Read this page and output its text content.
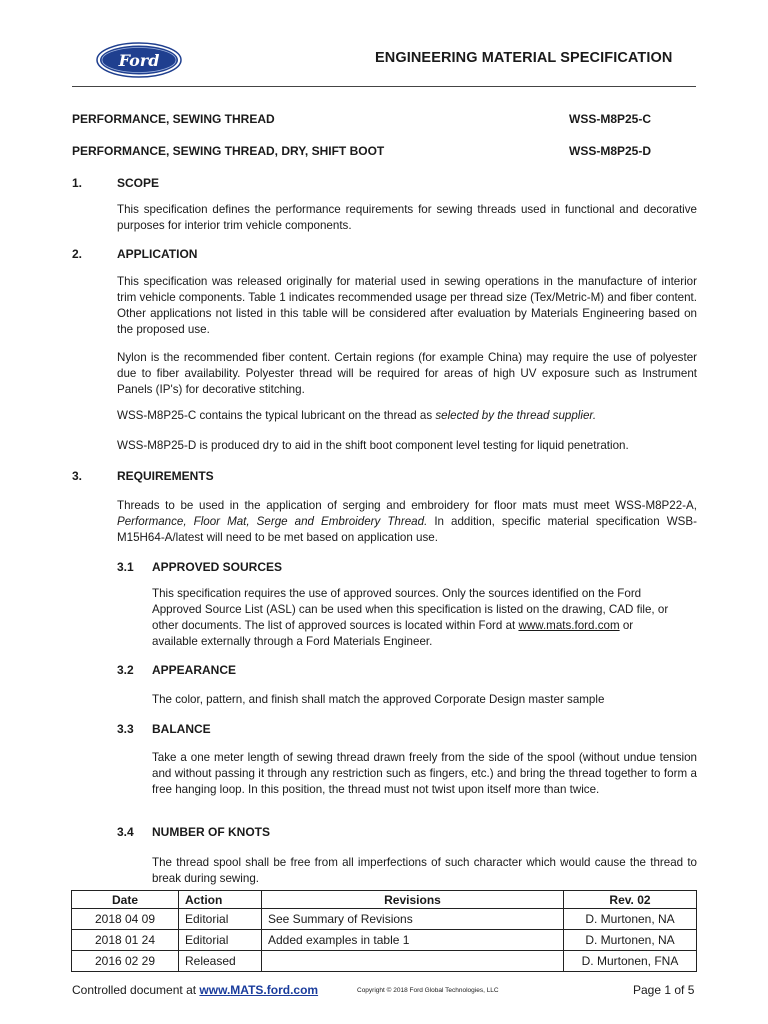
Ford	ENGINEERING MATERIAL SPECIFICATION
PERFORMANCE, SEWING THREAD	WSS-M8P25-C
PERFORMANCE, SEWING THREAD, DRY, SHIFT BOOT	WSS-M8P25-D
1.	SCOPE
This specification defines the performance requirements for sewing threads used in functional and decorative purposes for interior trim vehicle components.
2.	APPLICATION
This specification was released originally for material used in sewing operations in the manufacture of interior trim vehicle components. Table 1 indicates recommended usage per thread size (Tex/Metric-M) and fiber content. Other applications not listed in this table will be considered after evaluation by Materials Engineering based on the proposed use.
Nylon is the recommended fiber content. Certain regions (for example China) may require the use of polyester due to fiber availability. Polyester thread will be required for areas of high UV exposure such as Instrument Panels (IP's) for decorative stitching.
WSS-M8P25-C contains the typical lubricant on the thread as selected by the thread supplier.
WSS-M8P25-D is produced dry to aid in the shift boot component level testing for liquid penetration.
3.	REQUIREMENTS
Threads to be used in the application of serging and embroidery for floor mats must meet WSS-M8P22-A, Performance, Floor Mat, Serge and Embroidery Thread. In addition, specific material specification WSB-M15H64-A/latest will need to be met based on application use.
3.1 APPROVED SOURCES
This specification requires the use of approved sources. Only the sources identified on the Ford Approved Source List (ASL) can be used when this specification is listed on the drawing, CAD file, or other documents. The list of approved sources is located within Ford at www.mats.ford.com or available externally through a Ford Materials Engineer.
3.2 APPEARANCE
The color, pattern, and finish shall match the approved Corporate Design master sample
3.3 BALANCE
Take a one meter length of sewing thread drawn freely from the side of the spool (without undue tension and without passing it through any restriction such as fingers, etc.) and bring the thread together to form a free hanging loop. In this position, the thread must not twist upon itself more than twice.
3.4 NUMBER OF KNOTS
The thread spool shall be free from all imperfections of such character which would cause the thread to break during sewing.
Date	Action	Revisions	Rev. 02
2018 04 09	Editorial	See Summary of Revisions	D. Murtonen, NA
2018 01 24	Editorial	Added examples in table 1	D. Murtonen, NA
2016 02 29	Released		D. Murtonen, FNA
Controlled document at www.MATS.ford.com	Copyright © 2018 Ford Global Technologies, LLC	Page 1 of 5
